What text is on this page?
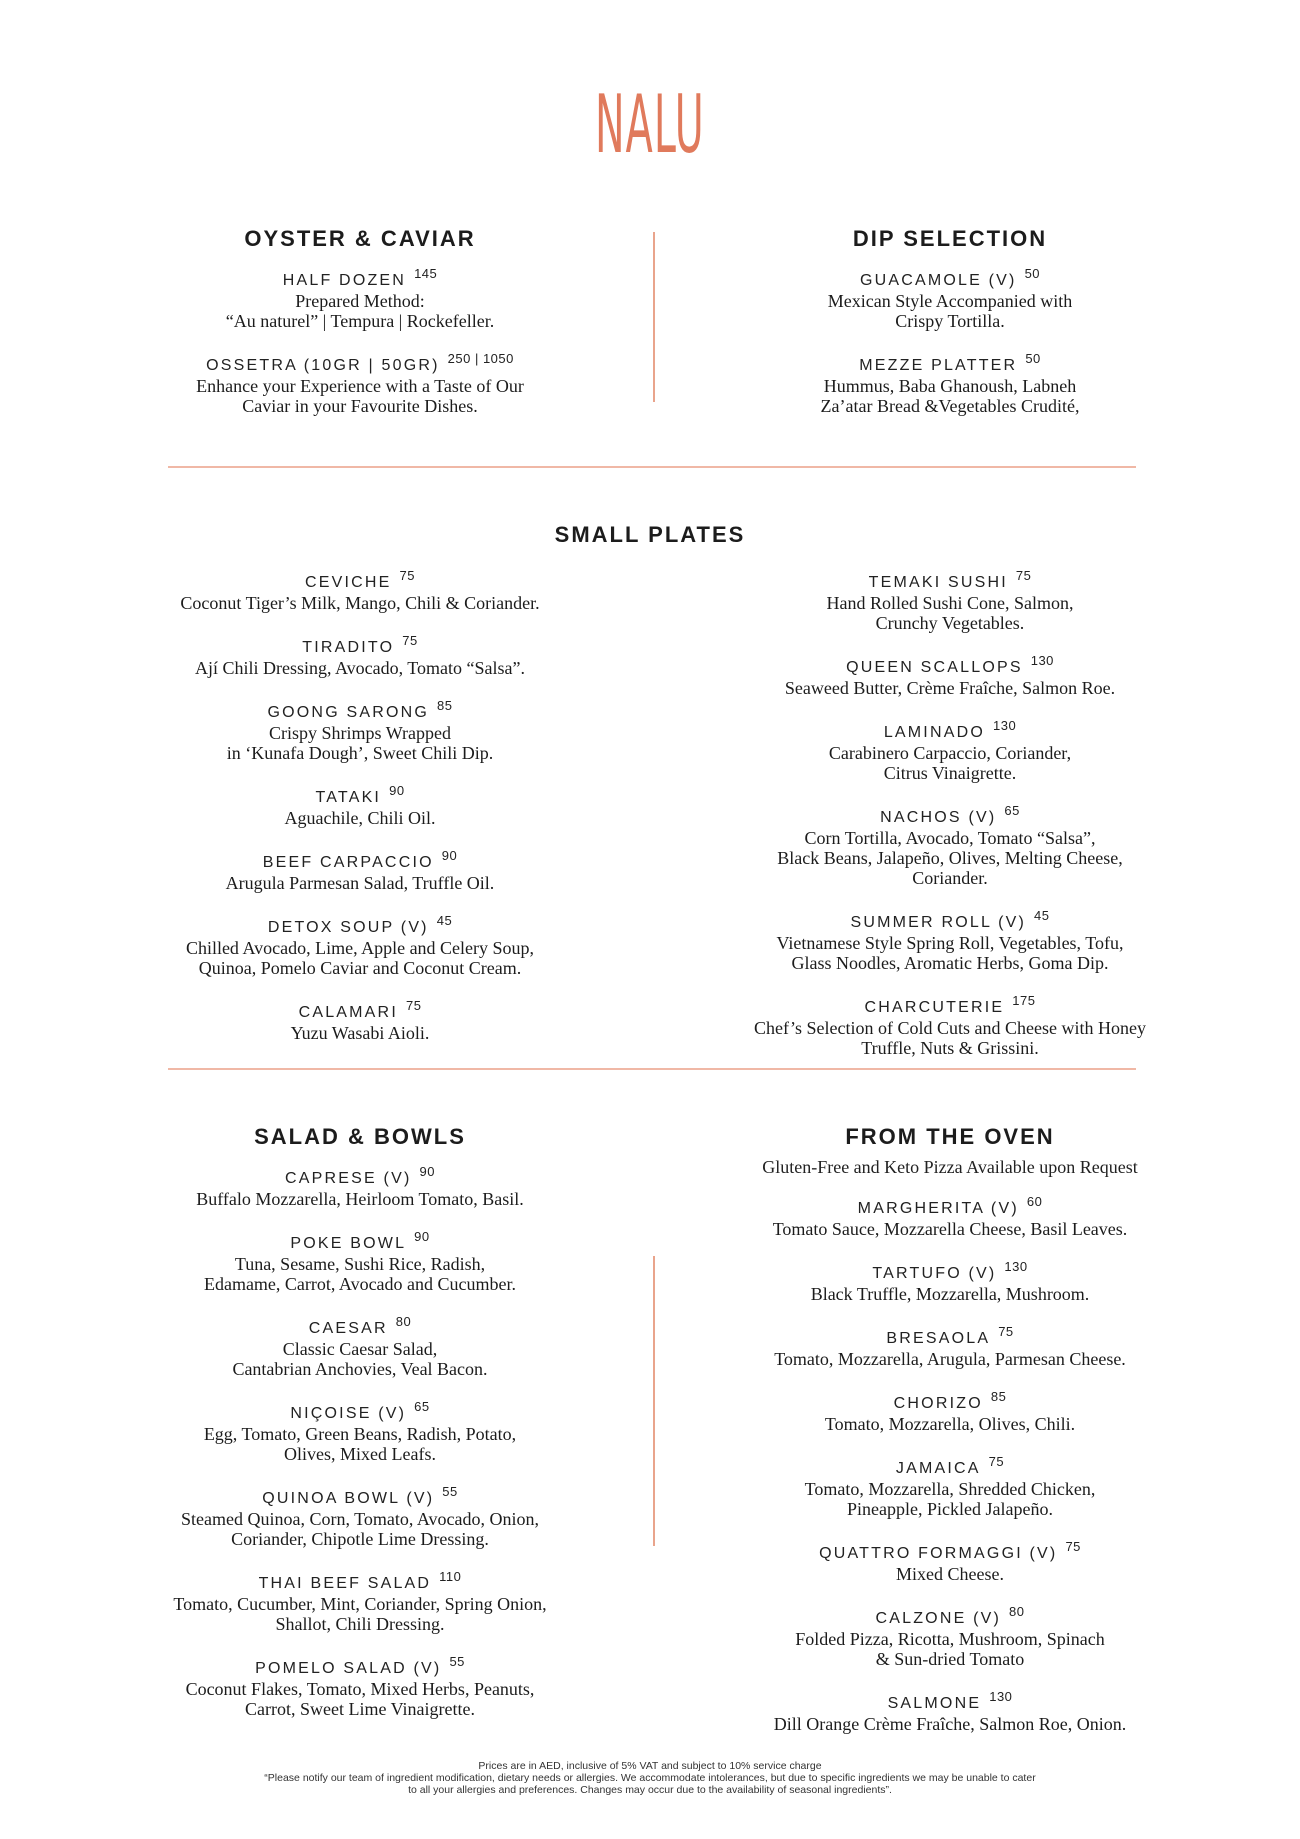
NALU
OYSTER & CAVIAR
HALF DOZEN $^{145}$
Prepared Method:
“Au naturel” | Tempura | Rockefeller.
OSSETRA (10GR | 50GR) $^{250 | 1050}$
Enhance your Experience with a Taste of Our
Caviar in your Favourite Dishes.
DIP SELECTION
GUACAMOLE (V) $^{50}$
Mexican Style Accompanied with
Crispy Tortilla.
MEZZE PLATTER $^{50}$
Hummus, Baba Ghanoush, Labneh
Za’atar Bread &Vegetables Crudité,
SMALL PLATES
CEVICHE $^{75}$
Coconut Tiger’s Milk, Mango, Chili & Coriander.
TIRADITO $^{75}$
Ají Chili Dressing, Avocado, Tomato “Salsa”.
GOONG SARONG $^{85}$
Crispy Shrimps Wrapped
in ‘Kunafa Dough’, Sweet Chili Dip.
TATAKI $^{90}$
Aguachile, Chili Oil.
BEEF CARPACCIO $^{90}$
Arugula Parmesan Salad, Truffle Oil.
DETOX SOUP (V) $^{45}$
Chilled Avocado, Lime, Apple and Celery Soup,
Quinoa, Pomelo Caviar and Coconut Cream.
CALAMARI $^{75}$
Yuzu Wasabi Aioli.
TEMAKI SUSHI $^{75}$
Hand Rolled Sushi Cone, Salmon,
Crunchy Vegetables.
QUEEN SCALLOPS $^{130}$
Seaweed Butter, Crème Fraîche, Salmon Roe.
LAMINADO $^{130}$
Carabinero Carpaccio, Coriander,
Citrus Vinaigrette.
NACHOS (V) $^{65}$
Corn Tortilla, Avocado, Tomato “Salsa”,
Black Beans, Jalapeño, Olives, Melting Cheese,
Coriander.
SUMMER ROLL (V) $^{45}$
Vietnamese Style Spring Roll, Vegetables, Tofu,
Glass Noodles, Aromatic Herbs, Goma Dip.
CHARCUTERIE $^{175}$
Chef’s Selection of Cold Cuts and Cheese with Honey
Truffle, Nuts & Grissini.
SALAD & BOWLS
CAPRESE (V) $^{90}$
Buffalo Mozzarella, Heirloom Tomato, Basil.
POKE BOWL $^{90}$
Tuna, Sesame, Sushi Rice, Radish,
Edamame, Carrot, Avocado and Cucumber.
CAESAR $^{80}$
Classic Caesar Salad,
Cantabrian Anchovies, Veal Bacon.
NIÇOISE (V) $^{65}$
Egg, Tomato, Green Beans, Radish, Potato,
Olives, Mixed Leafs.
QUINOA BOWL (V) $^{55}$
Steamed Quinoa, Corn, Tomato, Avocado, Onion,
Coriander, Chipotle Lime Dressing.
THAI BEEF SALAD $^{110}$
Tomato, Cucumber, Mint, Coriander, Spring Onion,
Shallot, Chili Dressing.
POMELO SALAD (V) $^{55}$
Coconut Flakes, Tomato, Mixed Herbs, Peanuts,
Carrot, Sweet Lime Vinaigrette.
FROM THE OVEN
Gluten-Free and Keto Pizza Available upon Request
MARGHERITA (V) $^{60}$
Tomato Sauce, Mozzarella Cheese, Basil Leaves.
TARTUFO (V) $^{130}$
Black Truffle, Mozzarella, Mushroom.
BRESAOLA $^{75}$
Tomato, Mozzarella, Arugula, Parmesan Cheese.
CHORIZO $^{85}$
Tomato, Mozzarella, Olives, Chili.
JAMAICA $^{75}$
Tomato, Mozzarella, Shredded Chicken,
Pineapple, Pickled Jalapeño.
QUATTRO FORMAGGI (V) $^{75}$
Mixed Cheese.
CALZONE (V) $^{80}$
Folded Pizza, Ricotta, Mushroom, Spinach
& Sun-dried Tomato
SALMONE $^{130}$
Dill Orange Crème Fraîche, Salmon Roe, Onion.
Prices are in AED, inclusive of 5% VAT and subject to 10% service charge
“Please notify our team of ingredient modification, dietary needs or allergies. We accommodate intolerances, but due to specific ingredients we may be unable to cater
to all your allergies and preferences. Changes may occur due to the availability of seasonal ingredients”.
